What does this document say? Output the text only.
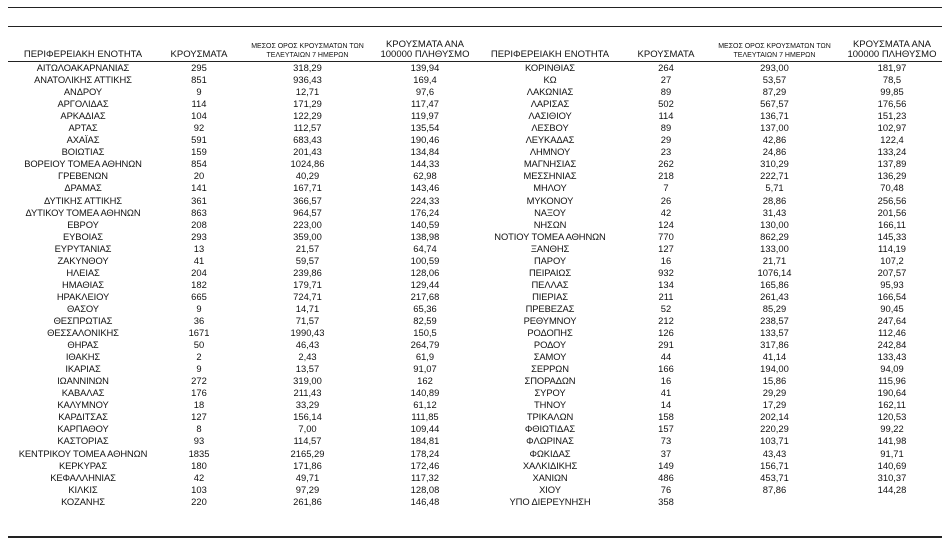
ΠΕΡΙΦΕΡΕΙΑΚΗ ΕΝΟΤΗΤΑ	ΚΡΟΥΣΜΑΤΑ	ΜΕΣΟΣ ΟΡΟΣ ΚΡΟΥΣΜΑΤΩΝ ΤΩΝ ΤΕΛΕΥΤΑΙΩΝ 7 ΗΜΕΡΩΝ	ΚΡΟΥΣΜΑΤΑ ΑΝΑ 100000 ΠΛΗΘΥΣΜΟ	ΠΕΡΙΦΕΡΕΙΑΚΗ ΕΝΟΤΗΤΑ	ΚΡΟΥΣΜΑΤΑ	ΜΕΣΟΣ ΟΡΟΣ ΚΡΟΥΣΜΑΤΩΝ ΤΩΝ ΤΕΛΕΥΤΑΙΩΝ 7 ΗΜΕΡΩΝ	ΚΡΟΥΣΜΑΤΑ ΑΝΑ 100000 ΠΛΗΘΥΣΜΟ
ΑΙΤΩΛΟΑΚΑΡΝΑΝΙΑΣ	295	318,29	139,94	ΚΟΡΙΝΘΙΑΣ	264	293,00	181,97
ΑΝΑΤΟΛΙΚΗΣ ΑΤΤΙΚΗΣ	851	936,43	169,4	ΚΩ	27	53,57	78,5
ΑΝΔΡΟΥ	9	12,71	97,6	ΛΑΚΩΝΙΑΣ	89	87,29	99,85
ΑΡΓΟΛΙΔΑΣ	114	171,29	117,47	ΛΑΡΙΣΑΣ	502	567,57	176,56
ΑΡΚΑΔΙΑΣ	104	122,29	119,97	ΛΑΣΙΘΙΟΥ	114	136,71	151,23
ΑΡΤΑΣ	92	112,57	135,54	ΛΕΣΒΟΥ	89	137,00	102,97
ΑΧΑΪΑΣ	591	683,43	190,46	ΛΕΥΚΑΔΑΣ	29	42,86	122,4
ΒΟΙΩΤΙΑΣ	159	201,43	134,84	ΛΗΜΝΟΥ	23	24,86	133,24
ΒΟΡΕΙΟΥ ΤΟΜΕΑ ΑΘΗΝΩΝ	854	1024,86	144,33	ΜΑΓΝΗΣΙΑΣ	262	310,29	137,89
ΓΡΕΒΕΝΩΝ	20	40,29	62,98	ΜΕΣΣΗΝΙΑΣ	218	222,71	136,29
ΔΡΑΜΑΣ	141	167,71	143,46	ΜΗΛΟΥ	7	5,71	70,48
ΔΥΤΙΚΗΣ ΑΤΤΙΚΗΣ	361	366,57	224,33	ΜΥΚΟΝΟΥ	26	28,86	256,56
ΔΥΤΙΚΟΥ ΤΟΜΕΑ ΑΘΗΝΩΝ	863	964,57	176,24	ΝΑΞΟΥ	42	31,43	201,56
ΕΒΡΟΥ	208	223,00	140,59	ΝΗΣΩΝ	124	130,00	166,11
ΕΥΒΟΙΑΣ	293	359,00	138,98	ΝΟΤΙΟΥ ΤΟΜΕΑ ΑΘΗΝΩΝ	770	862,29	145,33
ΕΥΡΥΤΑΝΙΑΣ	13	21,57	64,74	ΞΑΝΘΗΣ	127	133,00	114,19
ΖΑΚΥΝΘΟΥ	41	59,57	100,59	ΠΑΡΟΥ	16	21,71	107,2
ΗΛΕΙΑΣ	204	239,86	128,06	ΠΕΙΡΑΙΩΣ	932	1076,14	207,57
ΗΜΑΘΙΑΣ	182	179,71	129,44	ΠΕΛΛΑΣ	134	165,86	95,93
ΗΡΑΚΛΕΙΟΥ	665	724,71	217,68	ΠΙΕΡΙΑΣ	211	261,43	166,54
ΘΑΣΟΥ	9	14,71	65,36	ΠΡΕΒΕΖΑΣ	52	85,29	90,45
ΘΕΣΠΡΩΤΙΑΣ	36	71,57	82,59	ΡΕΘΥΜΝΟΥ	212	238,57	247,64
ΘΕΣΣΑΛΟΝΙΚΗΣ	1671	1990,43	150,5	ΡΟΔΟΠΗΣ	126	133,57	112,46
ΘΗΡΑΣ	50	46,43	264,79	ΡΟΔΟΥ	291	317,86	242,84
ΙΘΑΚΗΣ	2	2,43	61,9	ΣΑΜΟΥ	44	41,14	133,43
ΙΚΑΡΙΑΣ	9	13,57	91,07	ΣΕΡΡΩΝ	166	194,00	94,09
ΙΩΑΝΝΙΝΩΝ	272	319,00	162	ΣΠΟΡΑΔΩΝ	16	15,86	115,96
ΚΑΒΑΛΑΣ	176	211,43	140,89	ΣΥΡΟΥ	41	29,29	190,64
ΚΑΛΥΜΝΟΥ	18	33,29	61,12	ΤΗΝΟΥ	14	17,29	162,11
ΚΑΡΔΙΤΣΑΣ	127	156,14	111,85	ΤΡΙΚΑΛΩΝ	158	202,14	120,53
ΚΑΡΠΑΘΟΥ	8	7,00	109,44	ΦΘΙΩΤΙΔΑΣ	157	220,29	99,22
ΚΑΣΤΟΡΙΑΣ	93	114,57	184,81	ΦΛΩΡΙΝΑΣ	73	103,71	141,98
ΚΕΝΤΡΙΚΟΥ ΤΟΜΕΑ ΑΘΗΝΩΝ	1835	2165,29	178,24	ΦΩΚΙΔΑΣ	37	43,43	91,71
ΚΕΡΚΥΡΑΣ	180	171,86	172,46	ΧΑΛΚΙΔΙΚΗΣ	149	156,71	140,69
ΚΕΦΑΛΛΗΝΙΑΣ	42	49,71	117,32	ΧΑΝΙΩΝ	486	453,71	310,37
ΚΙΛΚΙΣ	103	97,29	128,08	ΧΙΟΥ	76	87,86	144,28
ΚΟΖΑΝΗΣ	220	261,86	146,48	ΥΠΟ ΔΙΕΡΕΥΝΗΣΗ	358		
